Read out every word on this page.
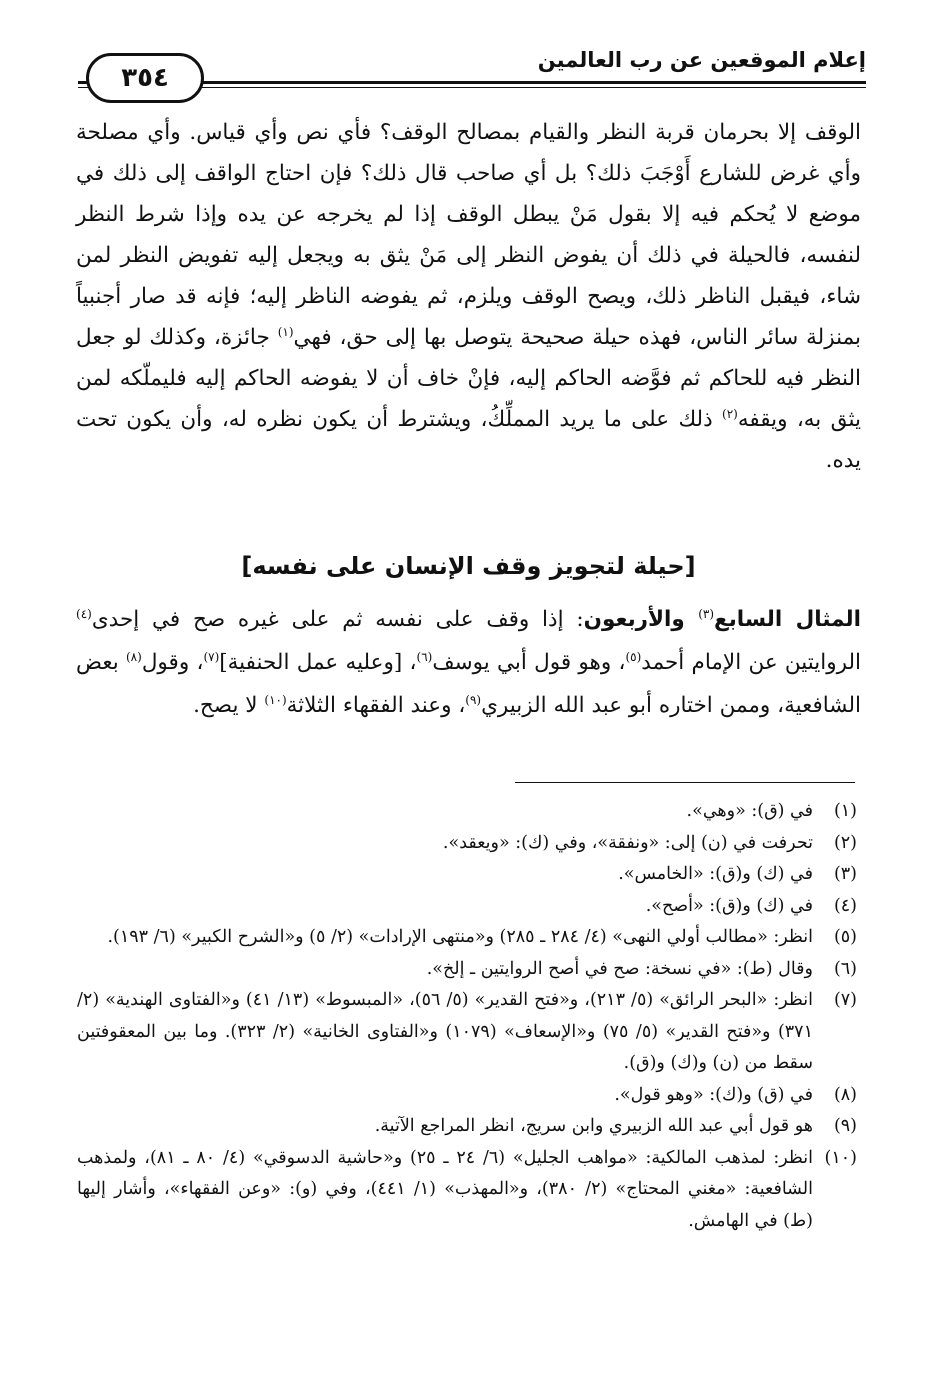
إعلام الموقعين عن رب العالمين
٣٥٤

الوقف إلا بحرمان قربة النظر والقيام بمصالح الوقف؟ فأي نص وأي قياس. وأي مصلحة وأي غرض للشارع أَوْجَبَ ذلك؟ بل أي صاحب قال ذلك؟ فإن احتاج الواقف إلى ذلك في موضع لا يُحكم فيه إلا بقول مَنْ يبطل الوقف إذا لم يخرجه عن يده وإذا شرط النظر لنفسه، فالحيلة في ذلك أن يفوض النظر إلى مَنْ يثق به ويجعل إليه تفويض النظر لمن شاء، فيقبل الناظر ذلك، ويصح الوقف ويلزم، ثم يفوضه الناظر إليه؛ فإنه قد صار أجنبياً بمنزلة سائر الناس، فهذه حيلة صحيحة يتوصل بها إلى حق، فهي$^{(١)}$ جائزة، وكذلك لو جعل النظر فيه للحاكم ثم فوَّضه الحاكم إليه، فإنْ خاف أن لا يفوضه الحاكم إليه فليملّكه لمن يثق به، ويقفه$^{(٢)}$ ذلك على ما يريد المملِّكُ، ويشترط أن يكون نظره له، وأن يكون تحت يده.

[حيلة لتجويز وقف الإنسان على نفسه]

المثال السابع$^{(٣)}$ والأربعون: إذا وقف على نفسه ثم على غيره صح في إحدى$^{(٤)}$ الروايتين عن الإمام أحمد$^{(٥)}$، وهو قول أبي يوسف$^{(٦)}$، [وعليه عمل الحنفية]$^{(٧)}$، وقول$^{(٨)}$ بعض الشافعية، وممن اختاره أبو عبد الله الزبيري$^{(٩)}$، وعند الفقهاء الثلاثة$^{(١٠)}$ لا يصح.

(١)
في (ق): «وهي».
(٢)
تحرفت في (ن) إلى: «ونفقة»، وفي (ك): «ويعقد».
(٣)
في (ك) و(ق): «الخامس».
(٤)
في (ك) و(ق): «أصح».
(٥)
انظر: «مطالب أولي النهى» (٤/ ٢٨٤ ـ ٢٨٥) و«منتهى الإرادات» (٢/ ٥) و«الشرح الكبير» (٦/ ١٩٣).
(٦)
وقال (ط): «في نسخة: صح في أصح الروايتين ـ إلخ».
(٧)
انظر: «البحر الرائق» (٥/ ٢١٣)، و«فتح القدير» (٥/ ٥٦)، «المبسوط» (١٣/ ٤١) و«الفتاوى الهندية» (٢/ ٣٧١) و«فتح القدير» (٥/ ٧٥) و«الإسعاف» (١٠٧٩) و«الفتاوى الخانية» (٢/ ٣٢٣). وما بين المعقوفتين سقط من (ن) و(ك) و(ق).
(٨)
في (ق) و(ك): «وهو قول».
(٩)
هو قول أبي عبد الله الزبيري وابن سريج، انظر المراجع الآتية.
(١٠)
انظر: لمذهب المالكية: «مواهب الجليل» (٦/ ٢٤ ـ ٢٥) و«حاشية الدسوقي» (٤/ ٨٠ ـ ٨١)، ولمذهب الشافعية: «مغني المحتاج» (٢/ ٣٨٠)، و«المهذب» (١/ ٤٤١)، وفي (و): «وعن الفقهاء»، وأشار إليها (ط) في الهامش.
